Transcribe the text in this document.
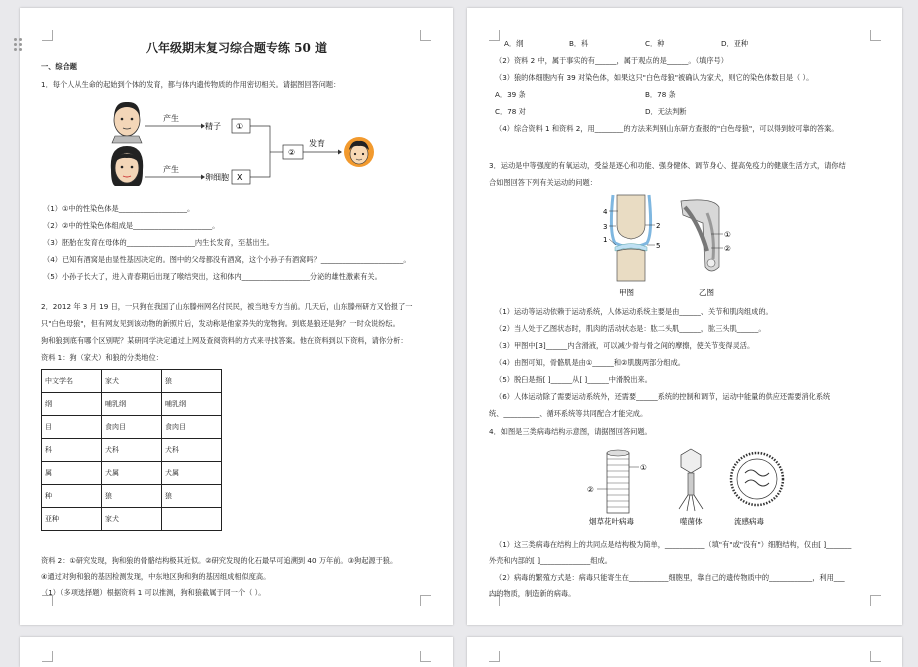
八年级期末复习综合题专练 50 道
一、综合题
1．每个人从生命的起始到个体的发育，都与体内遗传物质的作用密切相关。请据图回答问题：
产生
精子 ①
产生
卵细胞 X
②
发育
（1）①中的性染色体是___________________。
（2）②中的性染色体组成是______________________。
（3）胚胎在发育在母体的___________________内生长发育，至基出生。
（4）已知有酒窝是由显性基因决定的。图中的父母都没有酒窝，这个小孙子有酒窝吗？_______________________。
（5）小孙子长大了，进入青春期后出现了喉结突出，这和体内___________________分泌的雄性激素有关。
2．2012 年 3 月 19 日，一只狗在我国了山东滕州网名付民民，被当地专方当前。几天后，山东滕州研方又恰报了一
只"白色母狼"，但有网友见到该动物的新照片后，发动称是他家养失的宠物狗。到底是狼还是狗？一时众说纷纭。
狗和狼到底有哪个区别呢？某研同学决定通过上网及查阅资料的方式来寻找答案。他在资料到以下资料，请你分析：
资料 1：狗（家犬）和狼的分类地位：
中文学名	家犬	狼
纲	哺乳纲	哺乳纲
目	食肉目	食肉目
科	犬科	犬科
属	犬属	犬属
种	狼	狼
亚种	家犬	
资料 2：①研究发现，狗和狼的骨骼结构极其近似。②研究发现的化石最早可追溯到 40 万年前。③狗起源于狼。
④通过对狗和狼的基因检测发现，中东地区狗和狗的基因组成相似度高。
（1）（多项选择题）根据资料 1 可以推测，狗和狼截属于同一个（ ）。
A．纲	B．科	C．种	D．亚种
（2）资料 2 中，属于事实的有______，属于观点的是______。（填序号）
（3）狼的体细胞内有 39 对染色体，如果这只"白色母狼"被确认为家犬，则它的染色体数目是（ ）。
A．39 条	B．78 条
C．78 对	D．无法判断
（4）综合资料 1 和资料 2，用________的方法来判别山东研方查报的"白色母狼"，可以得到较可靠的答案。
3．运动是中等强度的有氧运动，受益是逐心和功能、强身健体、调节身心、提高免疫力的健康生活方式，请你结
合如图回答下列有关运动的问题：
4
3
1
2
5
甲图
①
②
乙图
（1）运动等运动依赖于运动系统，人体运动系统主要是由______、关节和肌肉组成的。
（2）当人处于乙图状态时，肌肉的活动状态是：肱二头肌______，肱三头肌______。
（3）甲图中[3]______内含滑液，可以减少骨与骨之间的摩擦，使关节变得灵活。
（4）由图可知，骨骼肌是由①______和②肌腹两部分组成。
（5）脱臼是指[ ]______从[ ]______中滑脱出来。
（6）人体运动除了需要运动系统外，还需要______系统的控制和调节，运动中能量的供应还需要消化系统
统、__________、循环系统等共同配合才能完成。
4．如图是三类病毒结构示意图，请据图回答问题。
①
②
烟草花叶病毒	噬菌体	流感病毒
（1）这三类病毒在结构上的共同点是结构极为简单，___________（填"有"或"没有"）细胞结构，仅由[ ]_______
外壳和内部的[ ]______________组成。
（2）病毒的繁殖方式是：病毒只能寄生在___________细胞里，靠自己的遗传物质中的____________，利用___
内的物质，制造新的病毒。
